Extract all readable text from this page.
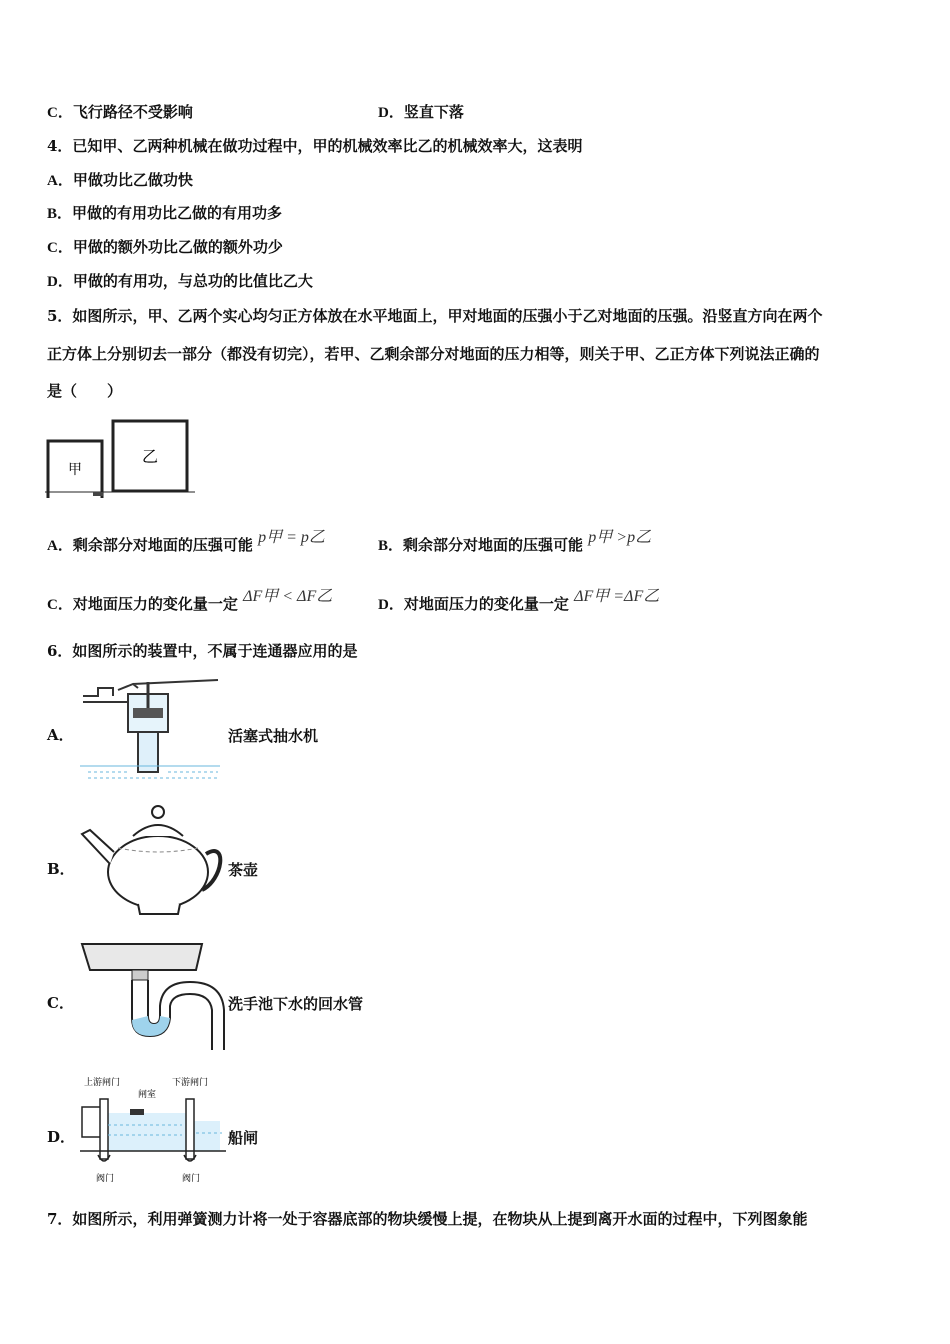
C．飞行路径不受影响	D．竖直下落
4．已知甲、乙两种机械在做功过程中，甲的机械效率比乙的机械效率大，这表明
A．甲做功比乙做功快
B．甲做的有用功比乙做的有用功多
C．甲做的额外功比乙做的额外功少
D．甲做的有用功，与总功的比值比乙大
5．如图所示，甲、乙两个实心均匀正方体放在水平地面上，甲对地面的压强小于乙对地面的压强。沿竖直方向在两个
正方体上分别切去一部分（都没有切完），若甲、乙剩余部分对地面的压力相等，则关于甲、乙正方体下列说法正确的
是（　　）
甲
乙
A．剩余部分对地面的压强可能 p甲 = p乙	B．剩余部分对地面的压强可能 p甲 >p乙
C．对地面压力的变化量一定 ΔF甲 < ΔF乙	D．对地面压力的变化量一定 ΔF甲 =ΔF乙
6．如图所示的装置中，不属于连通器应用的是
A．	活塞式抽水机
B．	茶壶
C．	洗手池下水的回水管
D．
上游闸门
闸室
下游闸门
阀门	阀门
船闸
7．如图所示，利用弹簧测力计将一处于容器底部的物块缓慢上提，在物块从上提到离开水面的过程中，下列图象能
